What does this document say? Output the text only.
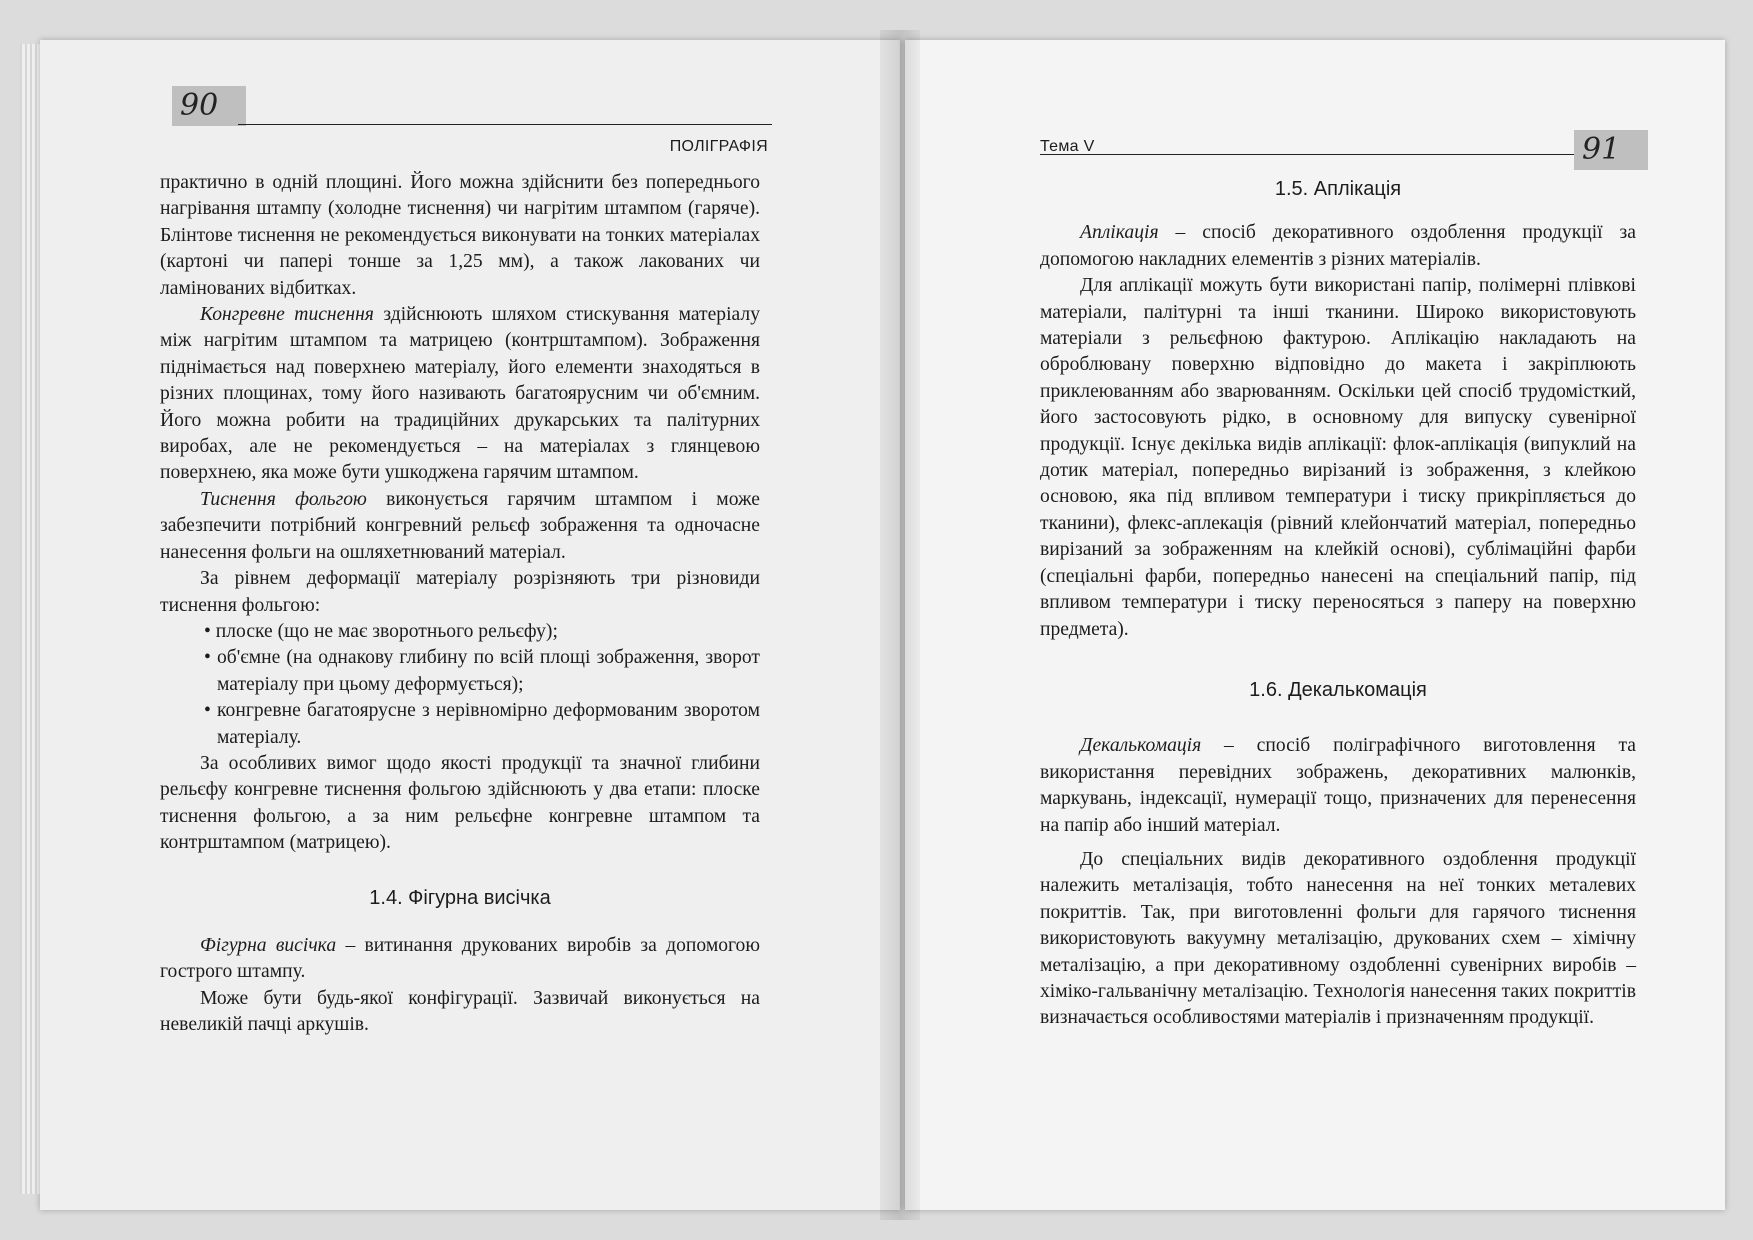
90
ПОЛІГРАФІЯ	Тема V	91

практично в одній площині. Його можна здійснити без попереднього нагрівання штампу (холодне тиснення) чи нагрітим штампом (гаряче). Блінтове тиснення не рекомендується виконувати на тонких матеріалах (картоні чи папері тонше за 1,25 мм), а також лакованих чи ламінованих відбитках.

Конгревне тиснення здійснюють шляхом стискування матеріалу між нагрітим штампом та матрицею (контрштампом). Зображення піднімається над поверхнею матеріалу, його елементи знаходяться в різних площинах, тому його називають багатоярусним чи об'ємним. Його можна робити на традиційних друкарських та палітурних виробах, але не рекомендується – на матеріалах з глянцевою поверхнею, яка може бути ушкоджена гарячим штампом.

Тиснення фольгою виконується гарячим штампом і може забезпечити потрібний конгревний рельєф зображення та одночасне нанесення фольги на ошляхетнюваний матеріал.

За рівнем деформації матеріалу розрізняють три різновиди тиснення фольгою:

• плоске (що не має зворотнього рельєфу);
• об'ємне (на однакову глибину по всій площі зображення, зворот матеріалу при цьому деформується);
• конгревне багатоярусне з нерівномірно деформованим зворотом матеріалу.

За особливих вимог щодо якості продукції та значної глибини рельєфу конгревне тиснення фольгою здійснюють у два етапи: плоске тиснення фольгою, а за ним рельєфне конгревне штампом та контрштампом (матрицею).

1.4. Фігурна висічка

Фігурна висічка – витинання друкованих виробів за допомогою гострого штампу.

Може бути будь-якої конфігурації. Зазвичай виконується на невеликій пачці аркушів.

1.5. Аплікація

Аплікація – спосіб декоративного оздоблення продукції за допомогою накладних елементів з різних матеріалів.

Для аплікації можуть бути використані папір, полімерні плівкові матеріали, палітурні та інші тканини. Широко використовують матеріали з рельєфною фактурою. Аплікацію накладають на оброблювану поверхню відповідно до макета і закріплюють приклеюванням або зварюванням. Оскільки цей спосіб трудомісткий, його застосовують рідко, в основному для випуску сувенірної продукції. Існує декілька видів аплікації: флок-аплікація (випуклий на дотик матеріал, попередньо вирізаний із зображення, з клейкою основою, яка під впливом температури і тиску прикріпляється до тканини), флекс-аплекація (рівний клейончатий матеріал, попередньо вирізаний за зображенням на клейкій основі), сублімаційні фарби (спеціальні фарби, попередньо нанесені на спеціальний папір, під впливом температури і тиску переносяться з паперу на поверхню предмета).

1.6. Декалькомація

Декалькомація – спосіб поліграфічного виготовлення та використання перевідних зображень, декоративних малюнків, маркувань, індексації, нумерації тощо, призначених для перенесення на папір або інший матеріал.

До спеціальних видів декоративного оздоблення продукції належить металізація, тобто нанесення на неї тонких металевих покриттів. Так, при виготовленні фольги для гарячого тиснення використовують вакуумну металізацію, друкованих схем – хімічну металізацію, а при декоративному оздобленні сувенірних виробів – хіміко-гальванічну металізацію. Технологія нанесення таких покриттів визначається особливостями матеріалів і призначенням продукції.
